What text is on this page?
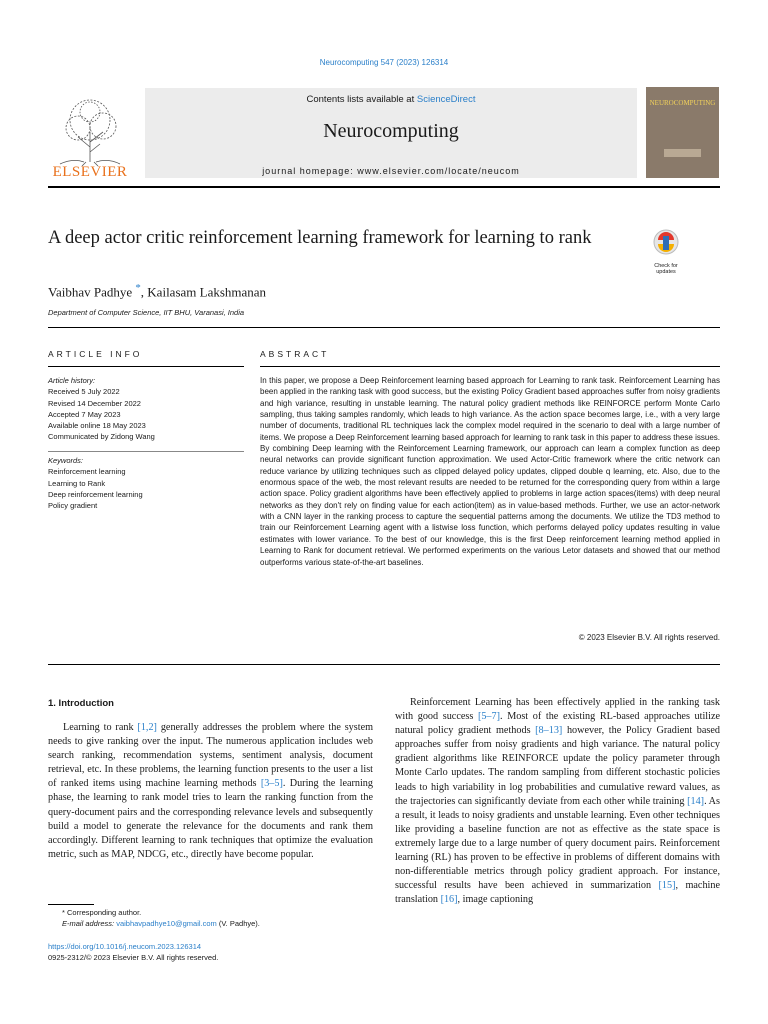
Neurocomputing 547 (2023) 126314
ELSEVIER
Contents lists available at ScienceDirect
Neurocomputing
journal homepage: www.elsevier.com/locate/neucom
NEUROCOMPUTING
A deep actor critic reinforcement learning framework for learning to rank
Check for
updates
Vaibhav Padhye *, Kailasam Lakshmanan
Department of Computer Science, IIT BHU, Varanasi, India
ARTICLE INFO
Article history:
Received 5 July 2022
Revised 14 December 2022
Accepted 7 May 2023
Available online 18 May 2023
Communicated by Zidong Wang
Keywords:
Reinforcement learning
Learning to Rank
Deep reinforcement learning
Policy gradient
ABSTRACT
In this paper, we propose a Deep Reinforcement learning based approach for Learning to rank task. Reinforcement Learning has been applied in the ranking task with good success, but the existing Policy Gradient based approaches suffer from noisy gradients and high variance, resulting in unstable learning. The natural policy gradient methods like REINFORCE perform Monte Carlo sampling, thus taking samples randomly, which leads to high variance. As the action space becomes large, i.e., with a very large number of documents, traditional RL techniques lack the complex model required in the scenario to deal with a large number of items. We propose a Deep Reinforcement learning based approach for learning to rank task in this paper to address these issues. By combining Deep learning with the Reinforcement Learning framework, our approach can learn a complex function as deep neural networks can provide significant function approximation. We used Actor-Critic framework where the critic network can reduce variance by utilizing techniques such as clipped delayed policy updates, clipped double q learning, etc. Also, due to the enormous space of the web, the most relevant results are needed to be returned for the corresponding query from within a large action space. Policy gradient algorithms have been effectively applied to problems in large action spaces(items) with deep neural networks as they don't rely on finding value for each action(item) as in value-based methods. Further, we use an actor-network with a CNN layer in the ranking process to capture the sequential patterns among the documents. We utilize the TD3 method to train our Reinforcement Learning agent with a listwise loss function, which performs delayed policy updates resulting in value estimates with lower variance. To the best of our knowledge, this is the first Deep reinforcement learning method applied in Learning to Rank for document retrieval. We performed experiments on the various Letor datasets and showed that our method outperforms various state-of-the-art baselines.
© 2023 Elsevier B.V. All rights reserved.
1. Introduction
Learning to rank [1,2] generally addresses the problem where the system needs to give ranking over the input. The numerous application includes web search ranking, recommendation systems, sentiment analysis, document retrieval, etc. In these problems, the learning function presents to the user a list of ranked items using machine learning methods [3–5]. During the learning phase, the learning to rank model tries to learn the ranking function from the query-document pairs and the corresponding relevance levels and subsequently build a model to generate the relevance for the documents and rank them accordingly. Different learning to rank techniques that optimize the evaluation metric, such as MAP, NDCG, etc., directly have become popular.
Reinforcement Learning has been effectively applied in the ranking task with good success [5–7]. Most of the existing RL-based approaches utilize natural policy gradient methods [8–13] however, the Policy Gradient based approaches suffer from noisy gradients and high variance. The natural policy gradient algorithms like REINFORCE update the policy parameter through Monte Carlo updates. The random sampling from different stochastic policies leads to high variability in log probabilities and cumulative reward values, as the trajectories can significantly deviate from each other while training [14]. As a result, it leads to noisy gradients and unstable learning. Even other techniques like providing a baseline function are not as effective as the state space is extremely large due to a large number of query document pairs. Reinforcement learning (RL) has proven to be effective in problems of different domains with non-differentiable metrics through policy gradient approach. For instance, successful results have been achieved in summarization [15], machine translation [16], image captioning
* Corresponding author.
E-mail address: vaibhavpadhye10@gmail.com (V. Padhye).
https://doi.org/10.1016/j.neucom.2023.126314
0925-2312/© 2023 Elsevier B.V. All rights reserved.
